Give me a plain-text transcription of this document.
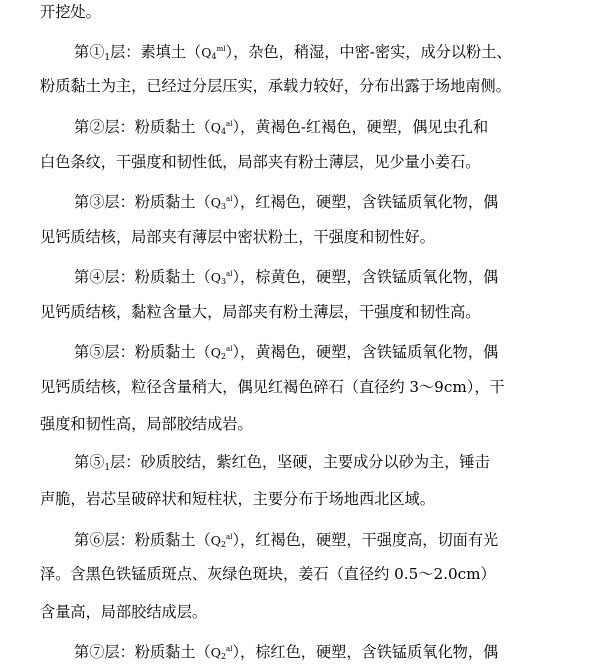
开挖处。
第$①_1$层：素填土$(Q4^{ml})$，杂色，稍湿，中密-密实，成分以粉土、
粉质黏土为主，已经过分层压实，承载力较好，分布出露于场地南侧。
第②层：粉质黏土$(Q4^{al})$，黄褐色-红褐色，硬塑，偶见虫孔和
白色条纹，干强度和韧性低，局部夹有粉土薄层，见少量小姜石。
第③层：粉质黏土$(Q3^{al})$，红褐色，硬塑，含铁锰质氧化物，偶
见钙质结核，局部夹有薄层中密状粉土，干强度和韧性好。
第④层：粉质黏土$(Q3^{al})$，棕黄色，硬塑，含铁锰质氧化物，偶
见钙质结核，黏粒含量大，局部夹有粉土薄层，干强度和韧性高。
第⑤层：粉质黏土$(Q2^{al})$，黄褐色，硬塑，含铁锰质氧化物，偶
见钙质结核，粒径含量稍大，偶见红褐色碎石（直径约 3～9cm），干
强度和韧性高，局部胶结成岩。
第$⑤_1$层：砂质胶结，紫红色，坚硬，主要成分以砂为主，锤击
声脆，岩芯呈破碎状和短柱状，主要分布于场地西北区域。
第⑥层：粉质黏土$(Q2^{al})$，红褐色，硬塑，干强度高，切面有光
泽。含黑色铁锰质斑点、灰绿色斑块，姜石（直径约 0.5～2.0cm）
含量高，局部胶结成层。
第⑦层：粉质黏土$(Q2^{al})$，棕红色，硬塑，含铁锰质氧化物，偶
